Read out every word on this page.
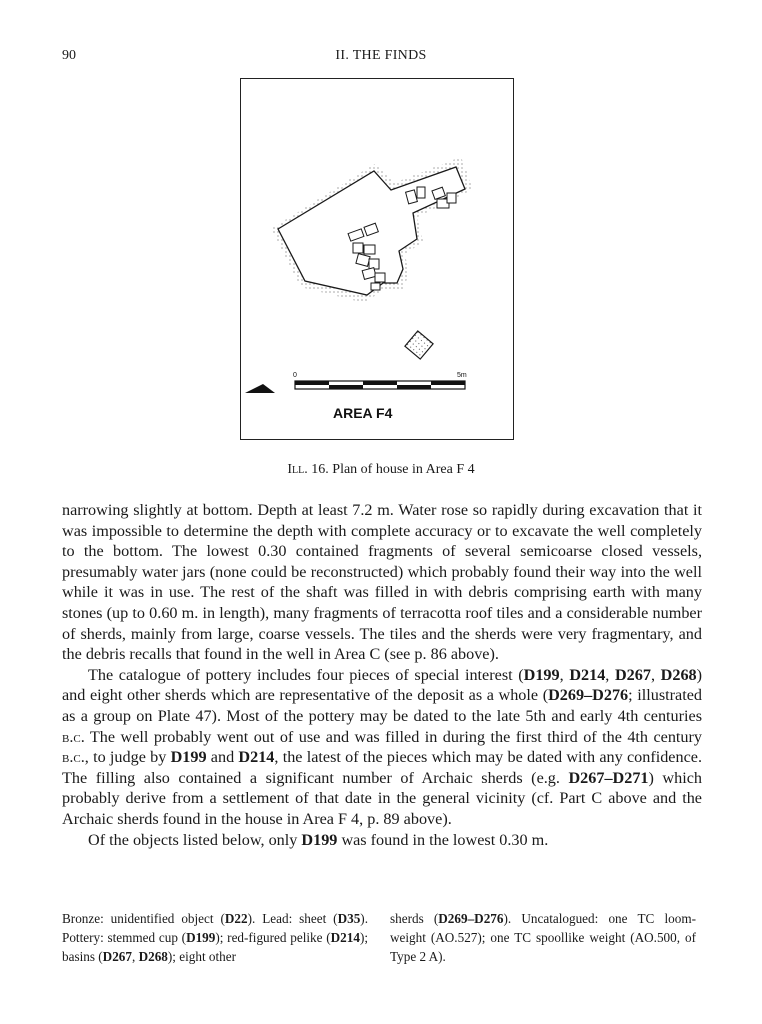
90	II. THE FINDS
0	5m
AREA F4
Ill. 16. Plan of house in Area F 4

narrowing slightly at bottom. Depth at least 7.2 m. Water rose so rapidly during excavation that it was impossible to determine the depth with complete accuracy or to excavate the well completely to the bottom. The lowest 0.30 contained fragments of several semicoarse closed vessels, presumably water jars (none could be reconstructed) which probably found their way into the well while it was in use. The rest of the shaft was filled in with debris comprising earth with many stones (up to 0.60 m. in length), many fragments of terracotta roof tiles and a considerable number of sherds, mainly from large, coarse vessels. The tiles and the sherds were very fragmentary, and the debris recalls that found in the well in Area C (see p. 86 above).

The catalogue of pottery includes four pieces of special interest (D199, D214, D267, D268) and eight other sherds which are representative of the deposit as a whole (D269–D276; illustrated as a group on Plate 47). Most of the pottery may be dated to the late 5th and early 4th centuries b.c. The well probably went out of use and was filled in during the first third of the 4th century b.c., to judge by D199 and D214, the latest of the pieces which may be dated with any confidence. The filling also contained a significant number of Archaic sherds (e.g. D267–D271) which probably derive from a settlement of that date in the general vicinity (cf. Part C above and the Archaic sherds found in the house in Area F 4, p. 89 above).

Of the objects listed below, only D199 was found in the lowest 0.30 m.

Bronze: unidentified object (D22). Lead: sheet (D35). Pottery: stemmed cup (D199); red-figured pelike (D214); basins (D267, D268); eight other
sherds (D269–D276). Uncatalogued: one TC loom-weight (AO.527); one TC spoollike weight (AO.500, of Type 2 A).
